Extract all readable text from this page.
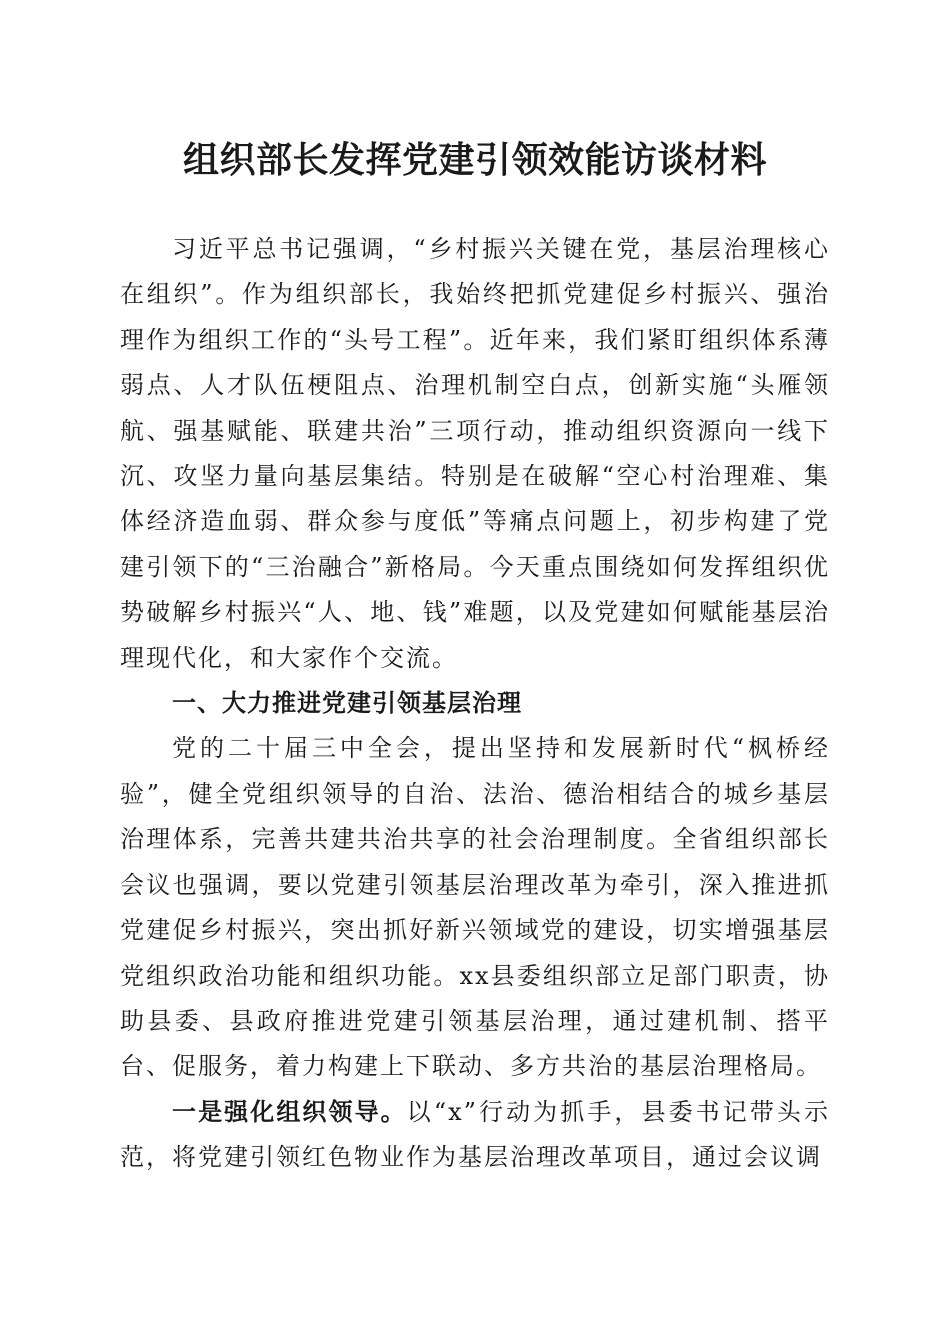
组织部长发挥党建引领效能访谈材料

习近平总书记强调，“乡村振兴关键在党，基层治理核心在组织”。作为组织部长，我始终把抓党建促乡村振兴、强治理作为组织工作的“头号工程”。近年来，我们紧盯组织体系薄弱点、人才队伍梗阻点、治理机制空白点，创新实施“头雁领航、强基赋能、联建共治”三项行动，推动组织资源向一线下沉、攻坚力量向基层集结。特别是在破解“空心村治理难、集体经济造血弱、群众参与度低”等痛点问题上，初步构建了党建引领下的“三治融合”新格局。今天重点围绕如何发挥组织优势破解乡村振兴“人、地、钱”难题，以及党建如何赋能基层治理现代化，和大家作个交流。

一、大力推进党建引领基层治理

党的二十届三中全会，提出坚持和发展新时代“枫桥经验”，健全党组织领导的自治、法治、德治相结合的城乡基层治理体系，完善共建共治共享的社会治理制度。全省组织部长会议也强调，要以党建引领基层治理改革为牵引，深入推进抓党建促乡村振兴，突出抓好新兴领域党的建设，切实增强基层党组织政治功能和组织功能。xx县委组织部立足部门职责，协助县委、县政府推进党建引领基层治理，通过建机制、搭平台、促服务，着力构建上下联动、多方共治的基层治理格局。

一是强化组织领导。以“x”行动为抓手，县委书记带头示范，将党建引领红色物业作为基层治理改革项目，通过会议调
